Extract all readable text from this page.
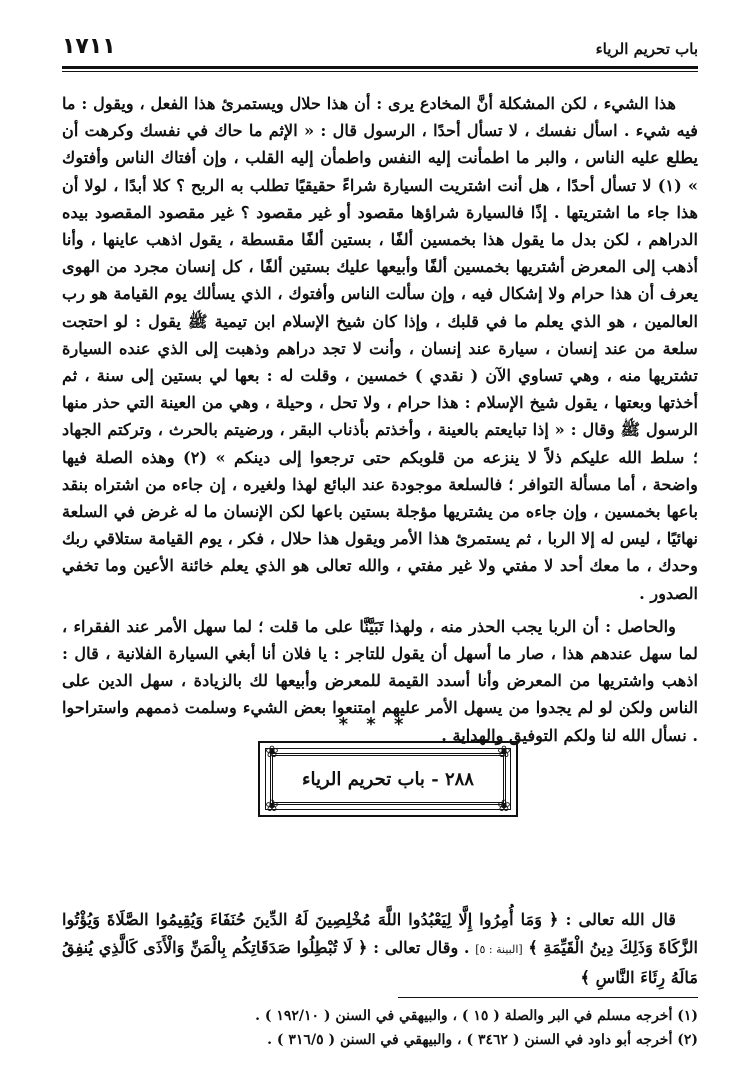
باب تحريم الرياء
١٧١١

هذا الشيء ، لكن المشكلة أنَّ المخادع يرى : أن هذا حلال ويستمرئ هذا الفعل ، ويقول : ما فيه شيء . اسأل نفسك ، لا تسأل أحدًا ، الرسول قال : « الإثم ما حاك في نفسك وكرهت أن يطلع عليه الناس ، والبر ما اطمأنت إليه النفس واطمأن إليه القلب ، وإن أفتاك الناس وأفتوك » (١) لا تسأل أحدًا ، هل أنت اشتريت السيارة شراءً حقيقيًا تطلب به الربح ؟ كلا أبدًا ، لولا أن هذا جاء ما اشتريتها . إذًا فالسيارة شراؤها مقصود أو غير مقصود ؟ غير مقصود المقصود بيده الدراهم ، لكن بدل ما يقول هذا بخمسين ألفًا ، بستين ألفًا مقسطة ، يقول اذهب عاينها ، وأنا أذهب إلى المعرض أشتريها بخمسين ألفًا وأبيعها عليك بستين ألفًا ، كل إنسان مجرد من الهوى يعرف أن هذا حرام ولا إشكال فيه ، وإن سألت الناس وأفتوك ، الذي يسألك يوم القيامة هو رب العالمين ، هو الذي يعلم ما في قلبك ، وإذا كان شيخ الإسلام ابن تيمية ﷺ يقول : لو احتجت سلعة من عند إنسان ، سيارة عند إنسان ، وأنت لا تجد دراهم وذهبت إلى الذي عنده السيارة تشتريها منه ، وهي تساوي الآن ( نقدي ) خمسين ، وقلت له : بعها لي بستين إلى سنة ، ثم أخذتها وبعتها ، يقول شيخ الإسلام : هذا حرام ، ولا تحل ، وحيلة ، وهي من العينة التي حذر منها الرسول ﷺ وقال : « إذا تبايعتم بالعينة ، وأخذتم بأذناب البقر ، ورضيتم بالحرث ، وتركتم الجهاد ؛ سلط الله عليكم ذلاً لا ينزعه من قلوبكم حتى ترجعوا إلى دينكم » (٢) وهذه الصلة فيها واضحة ، أما مسألة التوافر ؛ فالسلعة موجودة عند البائع لهذا ولغيره ، إن جاءه من اشتراه بنقد باعها بخمسين ، وإن جاءه من يشتريها مؤجلة بستين باعها لكن الإنسان ما له غرض في السلعة نهائيًا ، ليس له إلا الربا ، ثم يستمرئ هذا الأمر ويقول هذا حلال ، فكر ، يوم القيامة ستلاقي ربك وحدك ، ما معك أحد لا مفتي ولا غير مفتي ، والله تعالى هو الذي يعلم خائنة الأعين وما تخفي الصدور .

والحاصل : أن الربا يجب الحذر منه ، ولهذا تَبَيَّنَّا على ما قلت ؛ لما سهل الأمر عند الفقراء ، لما سهل عندهم هذا ، صار ما أسهل أن يقول للتاجر : يا فلان أنا أبغي السيارة الفلانية ، قال : اذهب واشتريها من المعرض وأنا أسدد القيمة للمعرض وأبيعها لك بالزيادة ، سهل الدين على الناس ولكن لو لم يجدوا من يسهل الأمر عليهم امتنعوا بعض الشيء وسلمت ذممهم واستراحوا . نسأل الله لنا ولكم التوفيق والهداية .

* * *
❀	❀
❀	❀
٢٨٨ - باب تحريم الرياء

قال الله تعالى : ﴿ وَمَا أُمِرُوا إِلَّا لِيَعْبُدُوا اللَّهَ مُخْلِصِينَ لَهُ الدِّينَ حُنَفَاءَ وَيُقِيمُوا الصَّلَاةَ وَيُؤْتُوا الزَّكَاةَ وَذَلِكَ دِينُ الْقَيِّمَةِ ﴾ [البينة : ٥] . وقال تعالى : ﴿ لَا تُبْطِلُوا صَدَقَاتِكُم بِالْمَنِّ وَالْأَذَى كَالَّذِي يُنفِقُ مَالَهُ رِئَاءَ النَّاسِ ﴾

(١) أخرجه مسلم في البر والصلة ( ١٥ ) ، والبيهقي في السنن ( ١٩٢/١٠ ) .

(٢) أخرجه أبو داود في السنن ( ٣٤٦٢ ) ، والبيهقي في السنن ( ٣١٦/٥ ) .
